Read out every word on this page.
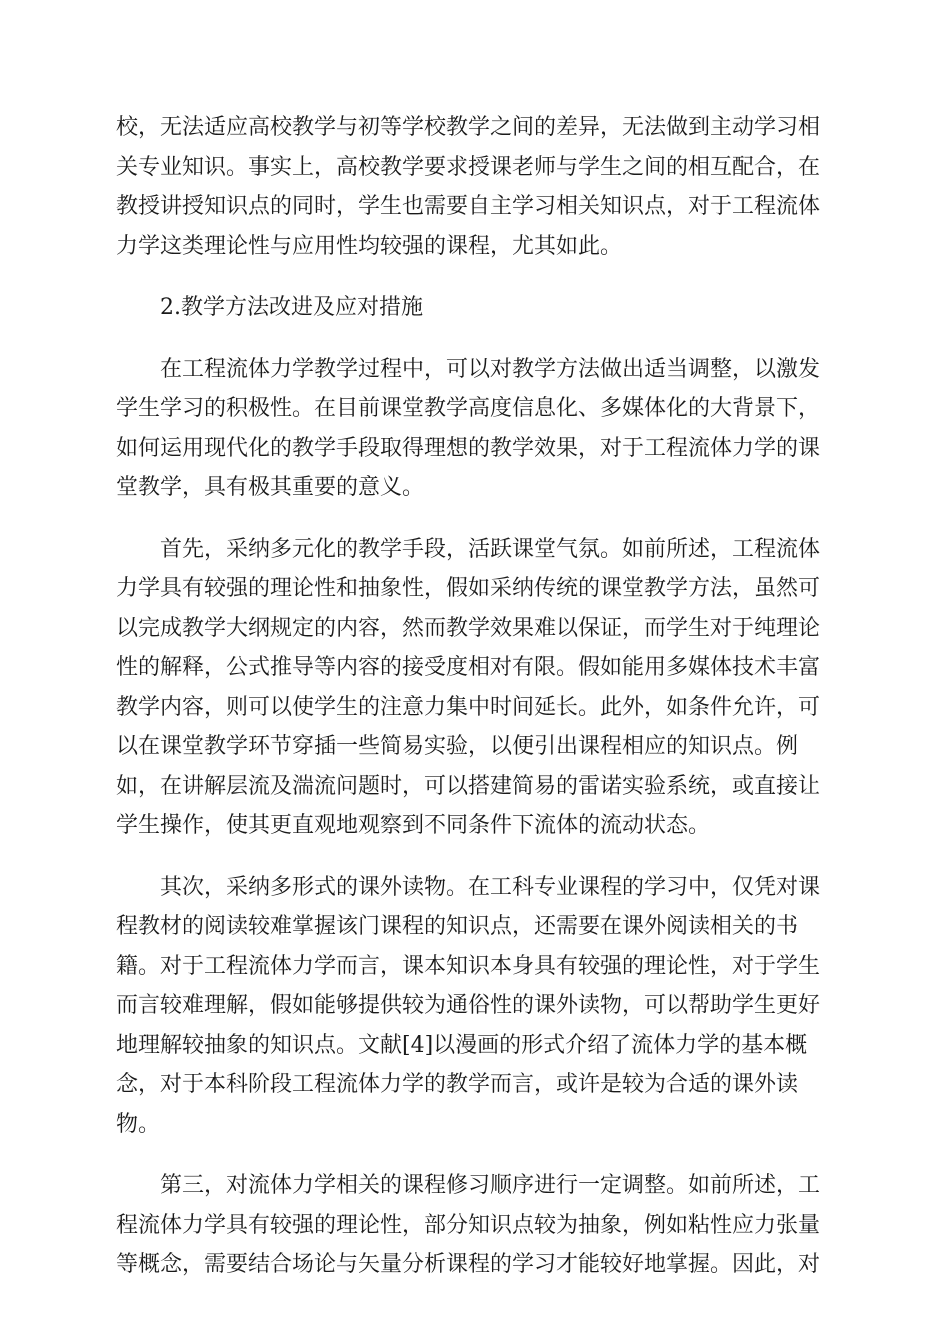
校，无法适应高校教学与初等学校教学之间的差异，无法做到主动学习相
关专业知识。事实上，高校教学要求授课老师与学生之间的相互配合，在
教授讲授知识点的同时，学生也需要自主学习相关知识点，对于工程流体
力学这类理论性与应用性均较强的课程，尤其如此。
2.教学方法改进及应对措施
在工程流体力学教学过程中，可以对教学方法做出适当调整，以激发
学生学习的积极性。在目前课堂教学高度信息化、多媒体化的大背景下，
如何运用现代化的教学手段取得理想的教学效果，对于工程流体力学的课
堂教学，具有极其重要的意义。
首先，采纳多元化的教学手段，活跃课堂气氛。如前所述，工程流体
力学具有较强的理论性和抽象性，假如采纳传统的课堂教学方法，虽然可
以完成教学大纲规定的内容，然而教学效果难以保证，而学生对于纯理论
性的解释，公式推导等内容的接受度相对有限。假如能用多媒体技术丰富
教学内容，则可以使学生的注意力集中时间延长。此外，如条件允许，可
以在课堂教学环节穿插一些简易实验，以便引出课程相应的知识点。例
如，在讲解层流及湍流问题时，可以搭建简易的雷诺实验系统，或直接让
学生操作，使其更直观地观察到不同条件下流体的流动状态。
其次，采纳多形式的课外读物。在工科专业课程的学习中，仅凭对课
程教材的阅读较难掌握该门课程的知识点，还需要在课外阅读相关的书
籍。对于工程流体力学而言，课本知识本身具有较强的理论性，对于学生
而言较难理解，假如能够提供较为通俗性的课外读物，可以帮助学生更好
地理解较抽象的知识点。文献[4]以漫画的形式介绍了流体力学的基本概
念，对于本科阶段工程流体力学的教学而言，或许是较为合适的课外读
物。
第三，对流体力学相关的课程修习顺序进行一定调整。如前所述，工
程流体力学具有较强的理论性，部分知识点较为抽象，例如粘性应力张量
等概念，需要结合场论与矢量分析课程的学习才能较好地掌握。因此，对
